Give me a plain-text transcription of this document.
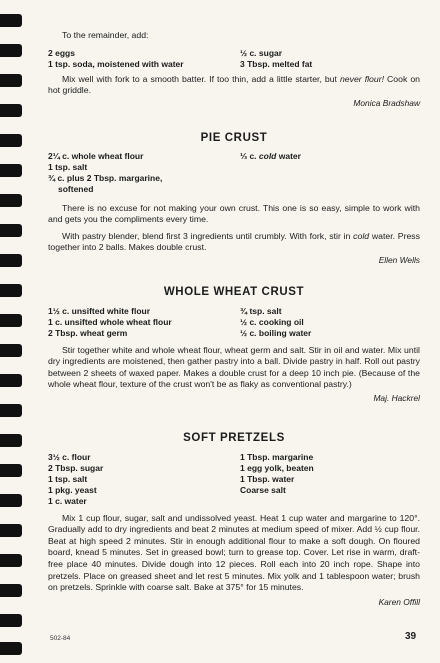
To the remainder, add:

2 eggs

1 tsp. soda, moistened with water

½ c. sugar

3 Tbsp. melted fat

Mix well with fork to a smooth batter. If too thin, add a little starter, but never flour! Cook on hot griddle.

Monica Bradshaw

PIE CRUST

2¼ c. whole wheat flour

1 tsp. salt

¾ c. plus 2 Tbsp. margarine,

softened

⅓ c. cold water

There is no excuse for not making your own crust. This one is so easy, simple to work with and gets you the compliments every time.

With pastry blender, blend first 3 ingredients until crumbly. With fork, stir in cold water. Press together into 2 balls. Makes double crust.

Ellen Wells

WHOLE WHEAT CRUST

1½ c. unsifted white flour

1 c. unsifted whole wheat flour

2 Tbsp. wheat germ

¾ tsp. salt

½ c. cooking oil

½ c. boiling water

Stir together white and whole wheat flour, wheat germ and salt. Stir in oil and water. Mix until dry ingredients are moistened, then gather pastry into a ball. Divide pastry in half. Roll out pastry between 2 sheets of waxed paper. Makes a double crust for a deep 10 inch pie. (Because of the whole wheat flour, texture of the crust won't be as flaky as conventional pastry.)

Maj. Hackrel

SOFT PRETZELS

3½ c. flour

2 Tbsp. sugar

1 tsp. salt

1 pkg. yeast

1 c. water

1 Tbsp. margarine

1 egg yolk, beaten

1 Tbsp. water

Coarse salt

Mix 1 cup flour, sugar, salt and undissolved yeast. Heat 1 cup water and margarine to 120°. Gradually add to dry ingredients and beat 2 minutes at medium speed of mixer. Add ½ cup flour. Beat at high speed 2 minutes. Stir in enough additional flour to make a soft dough. On floured board, knead 5 minutes. Set in greased bowl; turn to grease top. Cover. Let rise in warm, draft-free place 40 minutes. Divide dough into 12 pieces. Roll each into 20 inch rope. Shape into pretzels. Place on greased sheet and let rest 5 minutes. Mix yolk and 1 tablespoon water; brush on pretzels. Sprinkle with coarse salt. Bake at 375° for 15 minutes.

Karen Offill

502-84	39
